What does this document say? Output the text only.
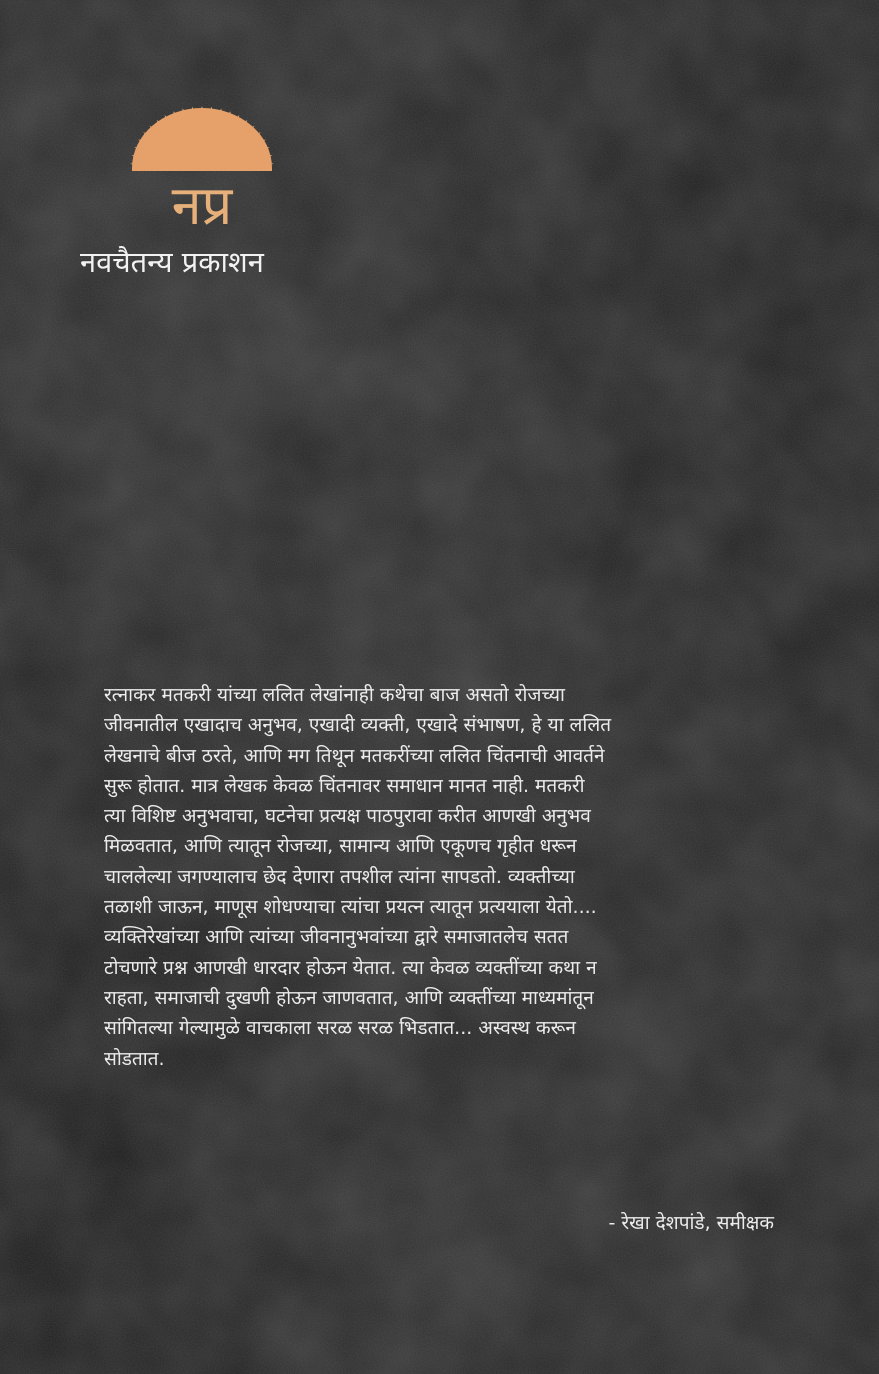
नप्र
नवचैतन्य प्रकाशन
रत्नाकर मतकरी यांच्या ललित लेखांनाही कथेचा बाज असतो रोजच्या
जीवनातील एखादाच अनुभव, एखादी व्यक्ती, एखादे संभाषण, हे या ललित
लेखनाचे बीज ठरते, आणि मग तिथून मतकरींच्या ललित चिंतनाची आवर्तने
सुरू होतात. मात्र लेखक केवळ चिंतनावर समाधान मानत नाही. मतकरी
त्या विशिष्ट अनुभवाचा, घटनेचा प्रत्यक्ष पाठपुरावा करीत आणखी अनुभव
मिळवतात, आणि त्यातून रोजच्या, सामान्य आणि एकूणच गृहीत धरून
चाललेल्या जगण्यालाच छेद देणारा तपशील त्यांना सापडतो. व्यक्तीच्या
तळाशी जाऊन, माणूस शोधण्याचा त्यांचा प्रयत्न त्यातून प्रत्ययाला येतो....
व्यक्तिरेखांच्या आणि त्यांच्या जीवनानुभवांच्या द्वारे समाजातलेच सतत
टोचणारे प्रश्न आणखी धारदार होऊन येतात. त्या केवळ व्यक्तींच्या कथा न
राहता, समाजाची दुखणी होऊन जाणवतात, आणि व्यक्तींच्या माध्यमांतून
सांगितल्या गेल्यामुळे वाचकाला सरळ सरळ भिडतात... अस्वस्थ करून
सोडतात.
- रेखा देशपांडे, समीक्षक
